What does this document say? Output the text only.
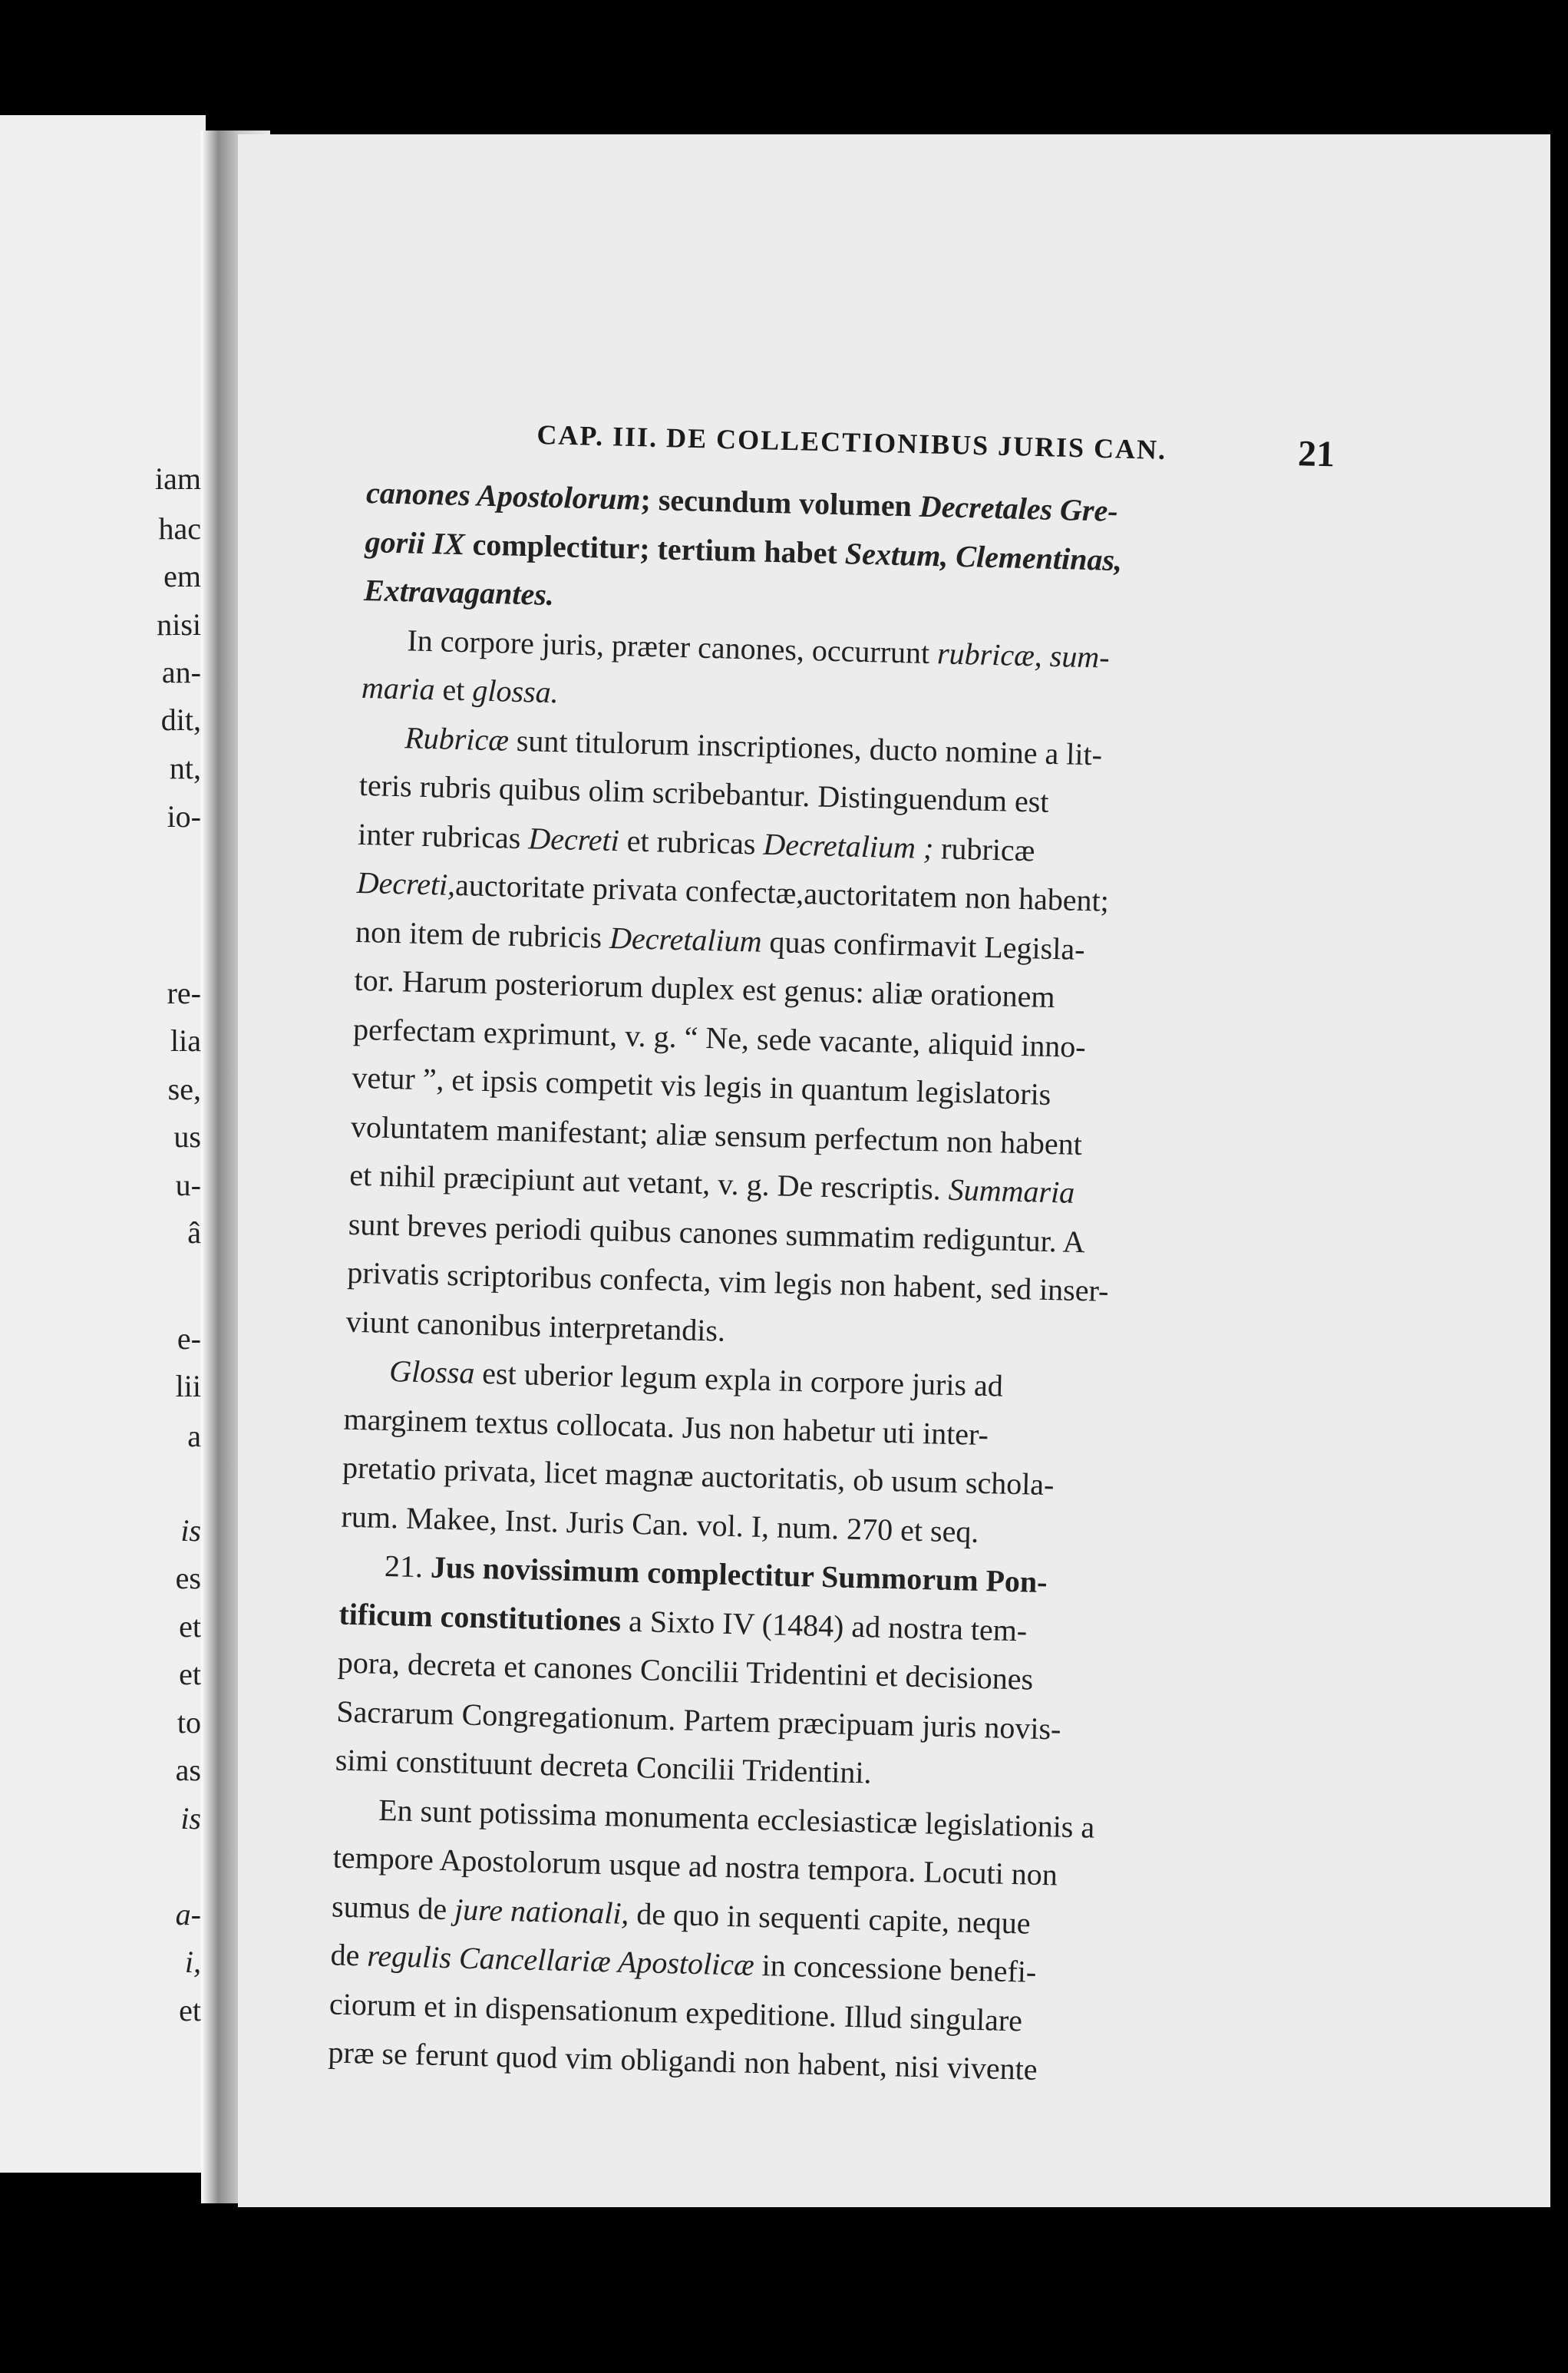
iam
hac
em
nisi
an-
dit,
nt,
io-
re-
lia
se,
us
u-
â
e-
lii
a
is
es
et
et
to
as
is
a-
i,
et
CAP. III. DE COLLECTIONIBUS JURIS CAN.	21
canones Apostolorum; secundum volumen Decretales Gre-
gorii IX complectitur; tertium habet Sextum, Clementinas,
Extravagantes.
In corpore juris, præter canones, occurrunt rubricæ, sum-
maria et glossa.
Rubricæ sunt titulorum inscriptiones, ducto nomine a lit-
teris rubris quibus olim scribebantur. Distinguendum est
inter rubricas Decreti et rubricas Decretalium ; rubricæ
Decreti,auctoritate privata confectæ,auctoritatem non habent;
non item de rubricis Decretalium quas confirmavit Legisla-
tor. Harum posteriorum duplex est genus: aliæ orationem
perfectam exprimunt, v. g. “ Ne, sede vacante, aliquid inno-
vetur ”, et ipsis competit vis legis in quantum legislatoris
voluntatem manifestant; aliæ sensum perfectum non habent
et nihil præcipiunt aut vetant, v. g. De rescriptis. Summaria
sunt breves periodi quibus canones summatim rediguntur. A
privatis scriptoribus confecta, vim legis non habent, sed inser-
viunt canonibus interpretandis.
Glossa est uberior legum expla in corpore juris ad
marginem textus collocata. Jus non habetur uti inter-
pretatio privata, licet magnæ auctoritatis, ob usum schola-
rum. Makee, Inst. Juris Can. vol. I, num. 270 et seq.
21. Jus novissimum complectitur Summorum Pon-
tificum constitutiones a Sixto IV (1484) ad nostra tem-
pora, decreta et canones Concilii Tridentini et decisiones
Sacrarum Congregationum. Partem præcipuam juris novis-
simi constituunt decreta Concilii Tridentini.
En sunt potissima monumenta ecclesiasticæ legislationis a
tempore Apostolorum usque ad nostra tempora. Locuti non
sumus de jure nationali, de quo in sequenti capite, neque
de regulis Cancellariæ Apostolicæ in concessione benefi-
ciorum et in dispensationum expeditione. Illud singulare
præ se ferunt quod vim obligandi non habent, nisi vivente
